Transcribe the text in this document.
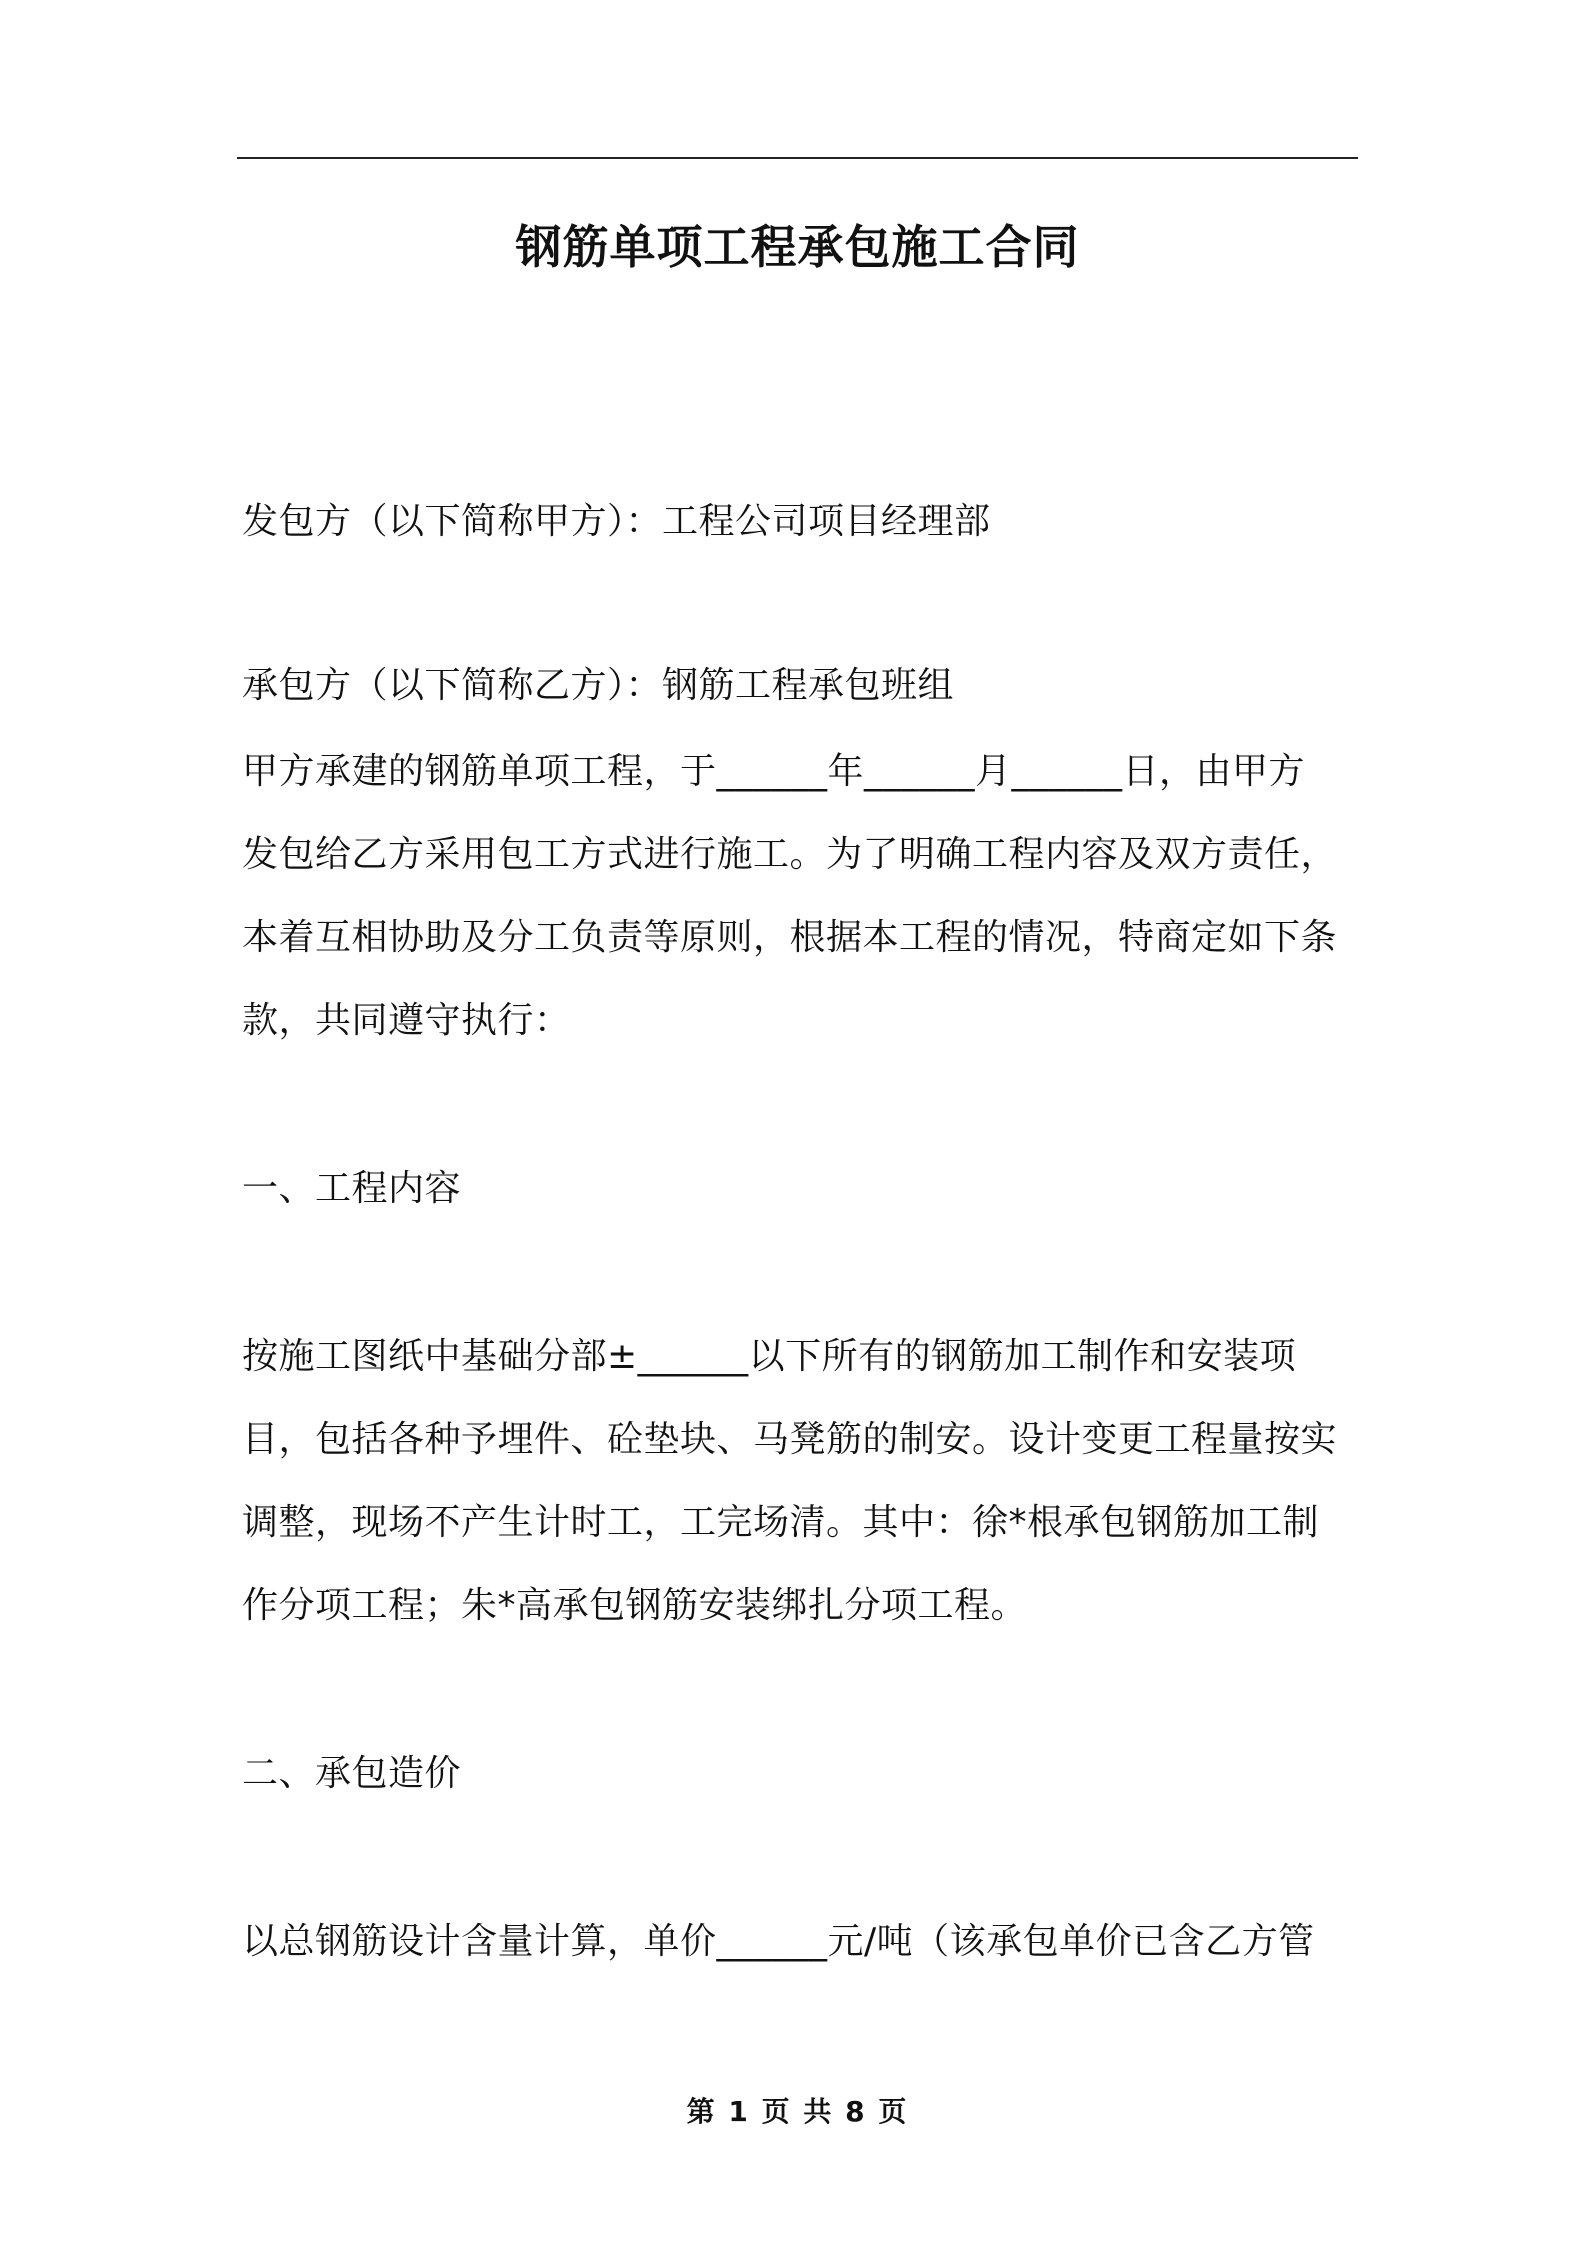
钢筋单项工程承包施工合同
发包方（以下简称甲方）：工程公司项目经理部
承包方（以下简称乙方）：钢筋工程承包班组
甲方承建的钢筋单项工程，于______年______月______日，由甲方
发包给乙方采用包工方式进行施工。为了明确工程内容及双方责任，
本着互相协助及分工负责等原则，根据本工程的情况，特商定如下条
款，共同遵守执行：
一、工程内容
按施工图纸中基础分部±______以下所有的钢筋加工制作和安装项
目，包括各种予埋件、砼垫块、马凳筋的制安。设计变更工程量按实
调整，现场不产生计时工，工完场清。其中：徐*根承包钢筋加工制
作分项工程；朱*高承包钢筋安装绑扎分项工程。
二、承包造价
以总钢筋设计含量计算，单价______元/吨（该承包单价已含乙方管
第 1 页 共 8 页
